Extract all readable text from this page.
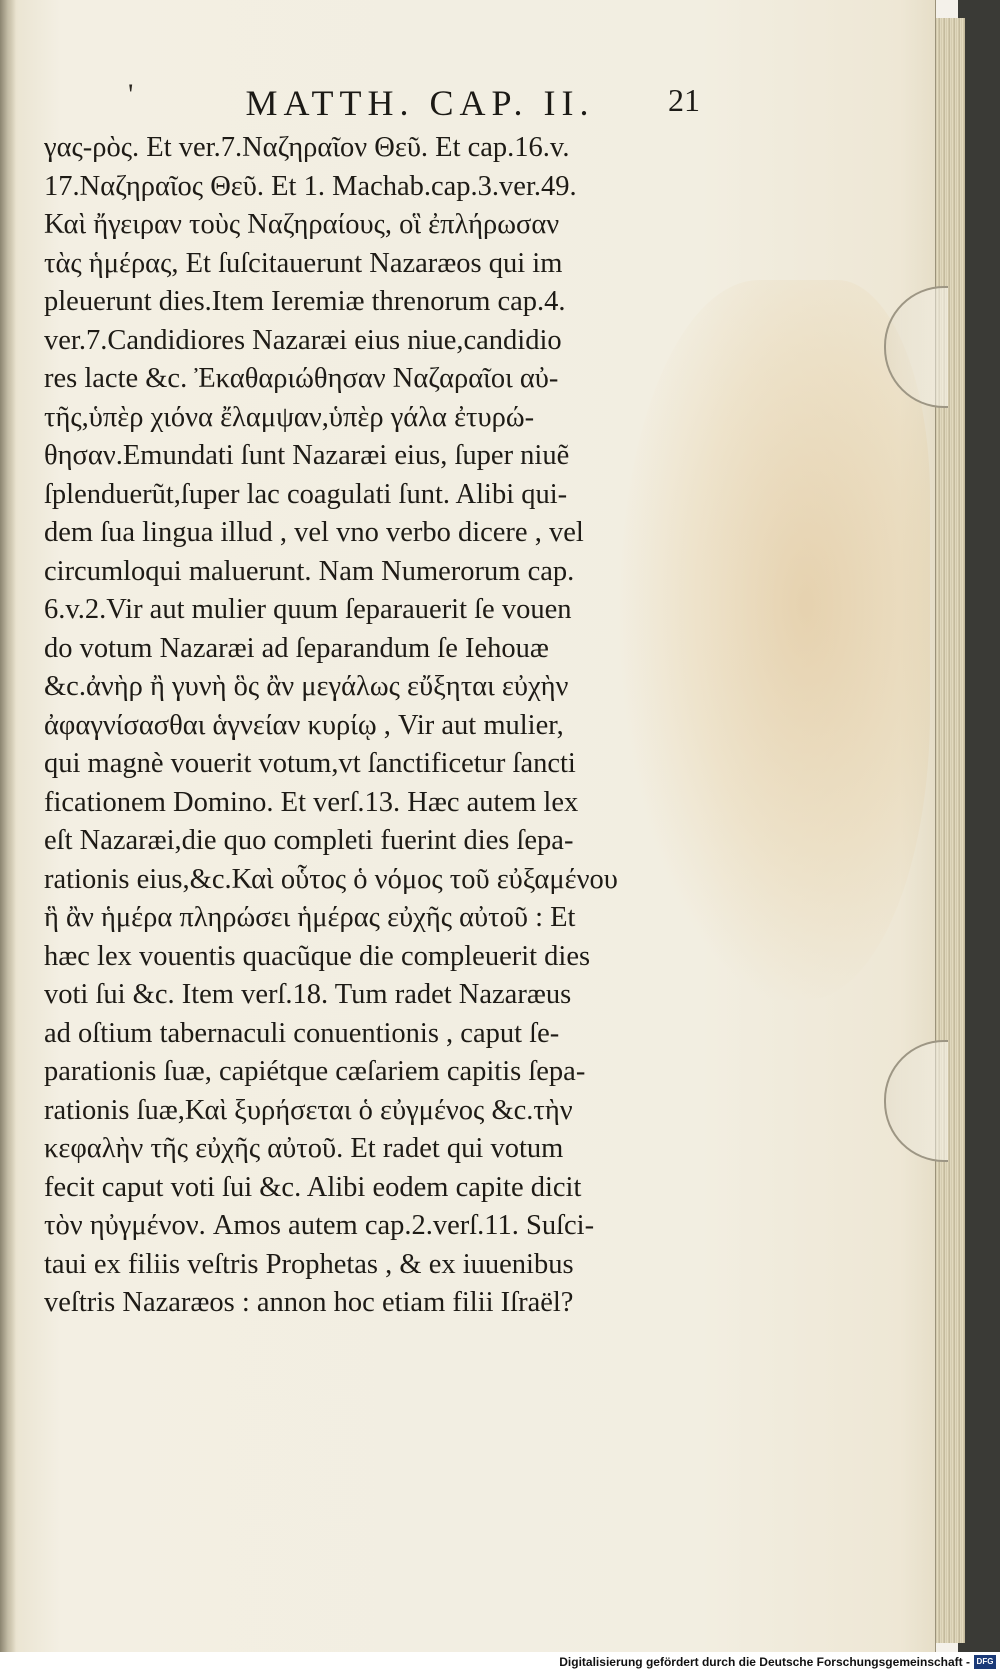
'	MATTH. CAP. II.	21
γας-ρὸς. Et ver.7.Ναζηραῖον Θεῦ. Et cap.16.v.
17.Ναζηραῖος Θεῦ. Et 1. Machab.cap.3.ver.49.
Καὶ ἤγειραν τοὺς Ναζηραίους, οἳ ἐπλήρωσαν
τὰς ἡμέρας, Et ſuſcitauerunt Nazaræos qui im
pleuerunt dies.Item Ieremiæ threnorum cap.4.
ver.7.Candidiores Nazaræi eius niue,candidio
res lacte &c. Ἐκαθαριώθησαν Ναζαραῖοι αὐ-
τῆς,ὑπὲρ χιόνα ἔλαμψαν,ὑπὲρ γάλα ἐτυρώ-
θησαν.Emundati ſunt Nazaræi eius, ſuper niuẽ
ſplenduerũt,ſuper lac coagulati ſunt. Alibi qui-
dem ſua lingua illud , vel vno verbo dicere , vel
circumloqui maluerunt. Nam Numerorum cap.
6.v.2.Vir aut mulier quum ſeparauerit ſe vouen
do votum Nazaræi ad ſeparandum ſe Iehouæ
&c.ἀνὴρ ἢ γυνὴ ὃς ἂν μεγάλως εὔξηται εὐχὴν
ἀφαγνίσασθαι ἁγνείαν κυρίῳ , Vir aut mulier,
qui magnè vouerit votum,vt ſanctificetur ſancti
ficationem Domino. Et verſ.13. Hæc autem lex
eſt Nazaræi,die quo completi fuerint dies ſepa-
rationis eius,&c.Καὶ οὗτος ὁ νόμος τοῦ εὐξαμένου
ἣ ἂν ἡμέρα πληρώσει ἡμέρας εὐχῆς αὐτοῦ : Et
hæc lex vouentis quacũque die compleuerit dies
voti ſui &c. Item verſ.18. Tum radet Nazaræus
ad oſtium tabernaculi conuentionis , caput ſe-
parationis ſuæ, capiétque cæſariem capitis ſepa-
rationis ſuæ,Καὶ ξυρήσεται ὁ εὐγμένος &c.τὴν
κεφαλὴν τῆς εὐχῆς αὐτοῦ. Et radet qui votum
fecit caput voti ſui &c. Alibi eodem capite dicit
τὸν ηὐγμένον. Amos autem cap.2.verſ.11. Suſci-
taui ex filiis veſtris Prophetas , & ex iuuenibus
veſtris Nazaræos : annon hoc etiam filii Iſraël?
Digitalisierung gefördert durch die Deutsche Forschungsgemeinschaft - DFG
